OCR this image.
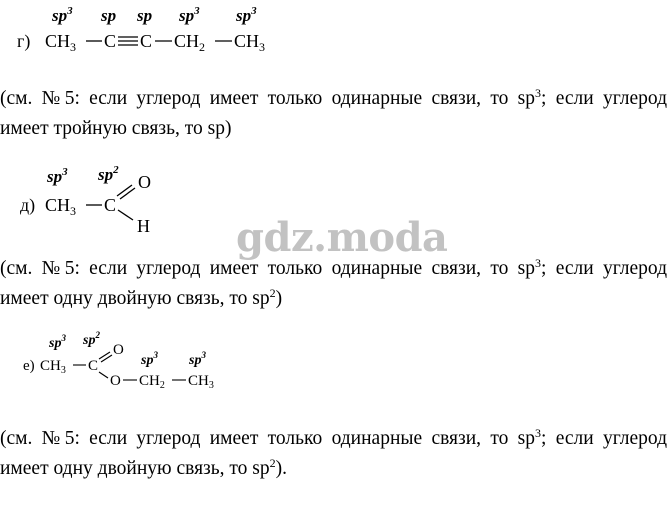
$sp^3$ sp sp $sp^3$ $sp^3$
г) $CH_3$ C C $CH_2$ $CH_3$

(см. №5: если углерод имеет только одинарные связи, то $sp^3$; если углерод имеет тройную связь, то sp)

$sp^3$ $sp^2$
д) $CH_3$ C
O
H gdz.moda

(см. №5: если углерод имеет только одинарные связи, то $sp^3$; если углерод имеет одну двойную связь, то $sp^2$)

$sp^3$ $sp^2$
$sp^3$ $sp^3$
е) $CH_3$ C
O
O $CH_2$ $CH_3$

(см. №5: если углерод имеет только одинарные связи, то $sp^3$; если углерод имеет одну двойную связь, то $sp^2$).
